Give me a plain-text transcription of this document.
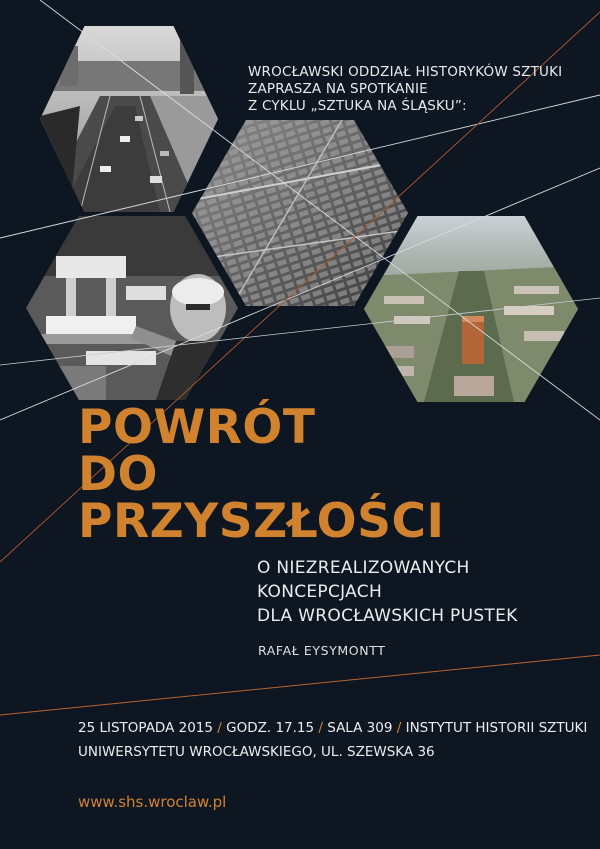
WROCŁAWSKI ODDZIAŁ HISTORYKÓW SZTUKI
ZAPRASZA NA SPOTKANIE
Z CYKLU „SZTUKA NA ŚLĄSKU”:
POWRÓT
DO
PRZYSZŁOŚCI
O NIEZREALIZOWANYCH
KONCEPCJACH
DLA WROCŁAWSKICH PUSTEK
RAFAŁ EYSYMONTT
25 LISTOPADA 2015 / GODZ. 17.15 / SALA 309 / INSTYTUT HISTORII SZTUKI
UNIWERSYTETU WROCŁAWSKIEGO, UL. SZEWSKA 36
www.shs.wroclaw.pl
